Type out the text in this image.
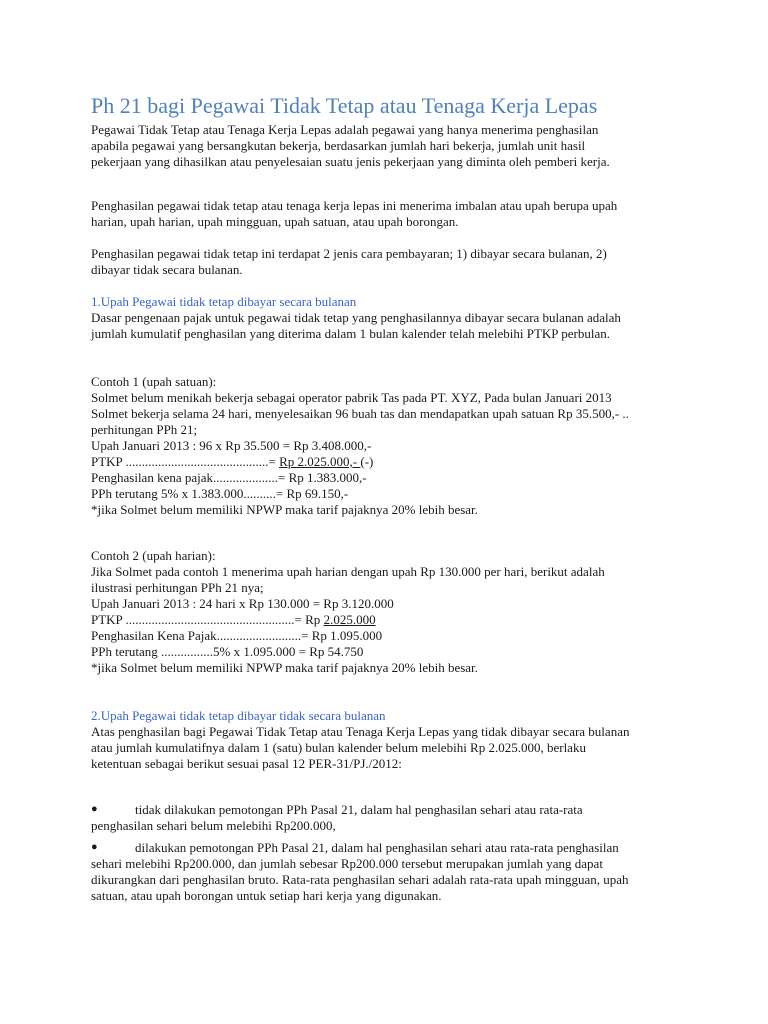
Ph 21 bagi Pegawai Tidak Tetap atau Tenaga Kerja Lepas
Pegawai Tidak Tetap atau Tenaga Kerja Lepas adalah pegawai yang hanya menerima penghasilan
apabila pegawai yang bersangkutan bekerja, berdasarkan jumlah hari bekerja, jumlah unit hasil
pekerjaan yang dihasilkan atau penyelesaian suatu jenis pekerjaan yang diminta oleh pemberi kerja.
Penghasilan pegawai tidak tetap atau tenaga kerja lepas ini menerima imbalan atau upah berupa upah
harian, upah harian, upah mingguan, upah satuan, atau upah borongan.
Penghasilan pegawai tidak tetap ini terdapat 2 jenis cara pembayaran; 1) dibayar secara bulanan, 2)
dibayar tidak secara bulanan.
1.Upah Pegawai tidak tetap dibayar secara bulanan
Dasar pengenaan pajak untuk pegawai tidak tetap yang penghasilannya dibayar secara bulanan adalah
jumlah kumulatif penghasilan yang diterima dalam 1 bulan kalender telah melebihi PTKP perbulan.
Contoh 1 (upah satuan):
Solmet belum menikah bekerja sebagai operator pabrik Tas pada PT. XYZ, Pada bulan Januari 2013
Solmet bekerja selama 24 hari, menyelesaikan 96 buah tas dan mendapatkan upah satuan Rp 35.500,- ..
perhitungan PPh 21;
Upah Januari 2013 : 96 x Rp 35.500 = Rp 3.408.000,-
PTKP ............................................= Rp 2.025.000,- (-)
Penghasilan kena pajak....................= Rp 1.383.000,-
PPh terutang 5% x 1.383.000..........= Rp 69.150,-
*jika Solmet belum memiliki NPWP maka tarif pajaknya 20% lebih besar.
Contoh 2 (upah harian):
Jika Solmet pada contoh 1 menerima upah harian dengan upah Rp 130.000 per hari, berikut adalah
ilustrasi perhitungan PPh 21 nya;
Upah Januari 2013 : 24 hari x Rp 130.000 = Rp 3.120.000
PTKP ....................................................= Rp 2.025.000
Penghasilan Kena Pajak..........................= Rp 1.095.000
PPh terutang ................5% x 1.095.000 = Rp 54.750
*jika Solmet belum memiliki NPWP maka tarif pajaknya 20% lebih besar.
2.Upah Pegawai tidak tetap dibayar tidak secara bulanan
Atas penghasilan bagi Pegawai Tidak Tetap atau Tenaga Kerja Lepas yang tidak dibayar secara bulanan
atau jumlah kumulatifnya dalam 1 (satu) bulan kalender belum melebihi Rp 2.025.000, berlaku
ketentuan sebagai berikut sesuai pasal 12 PER-31/PJ./2012:
●	tidak dilakukan pemotongan PPh Pasal 21, dalam hal penghasilan sehari atau rata-rata
penghasilan sehari belum melebihi Rp200.000,
●	dilakukan pemotongan PPh Pasal 21, dalam hal penghasilan sehari atau rata-rata penghasilan
sehari melebihi Rp200.000, dan jumlah sebesar Rp200.000 tersebut merupakan jumlah yang dapat
dikurangkan dari penghasilan bruto. Rata-rata penghasilan sehari adalah rata-rata upah mingguan, upah
satuan, atau upah borongan untuk setiap hari kerja yang digunakan.
